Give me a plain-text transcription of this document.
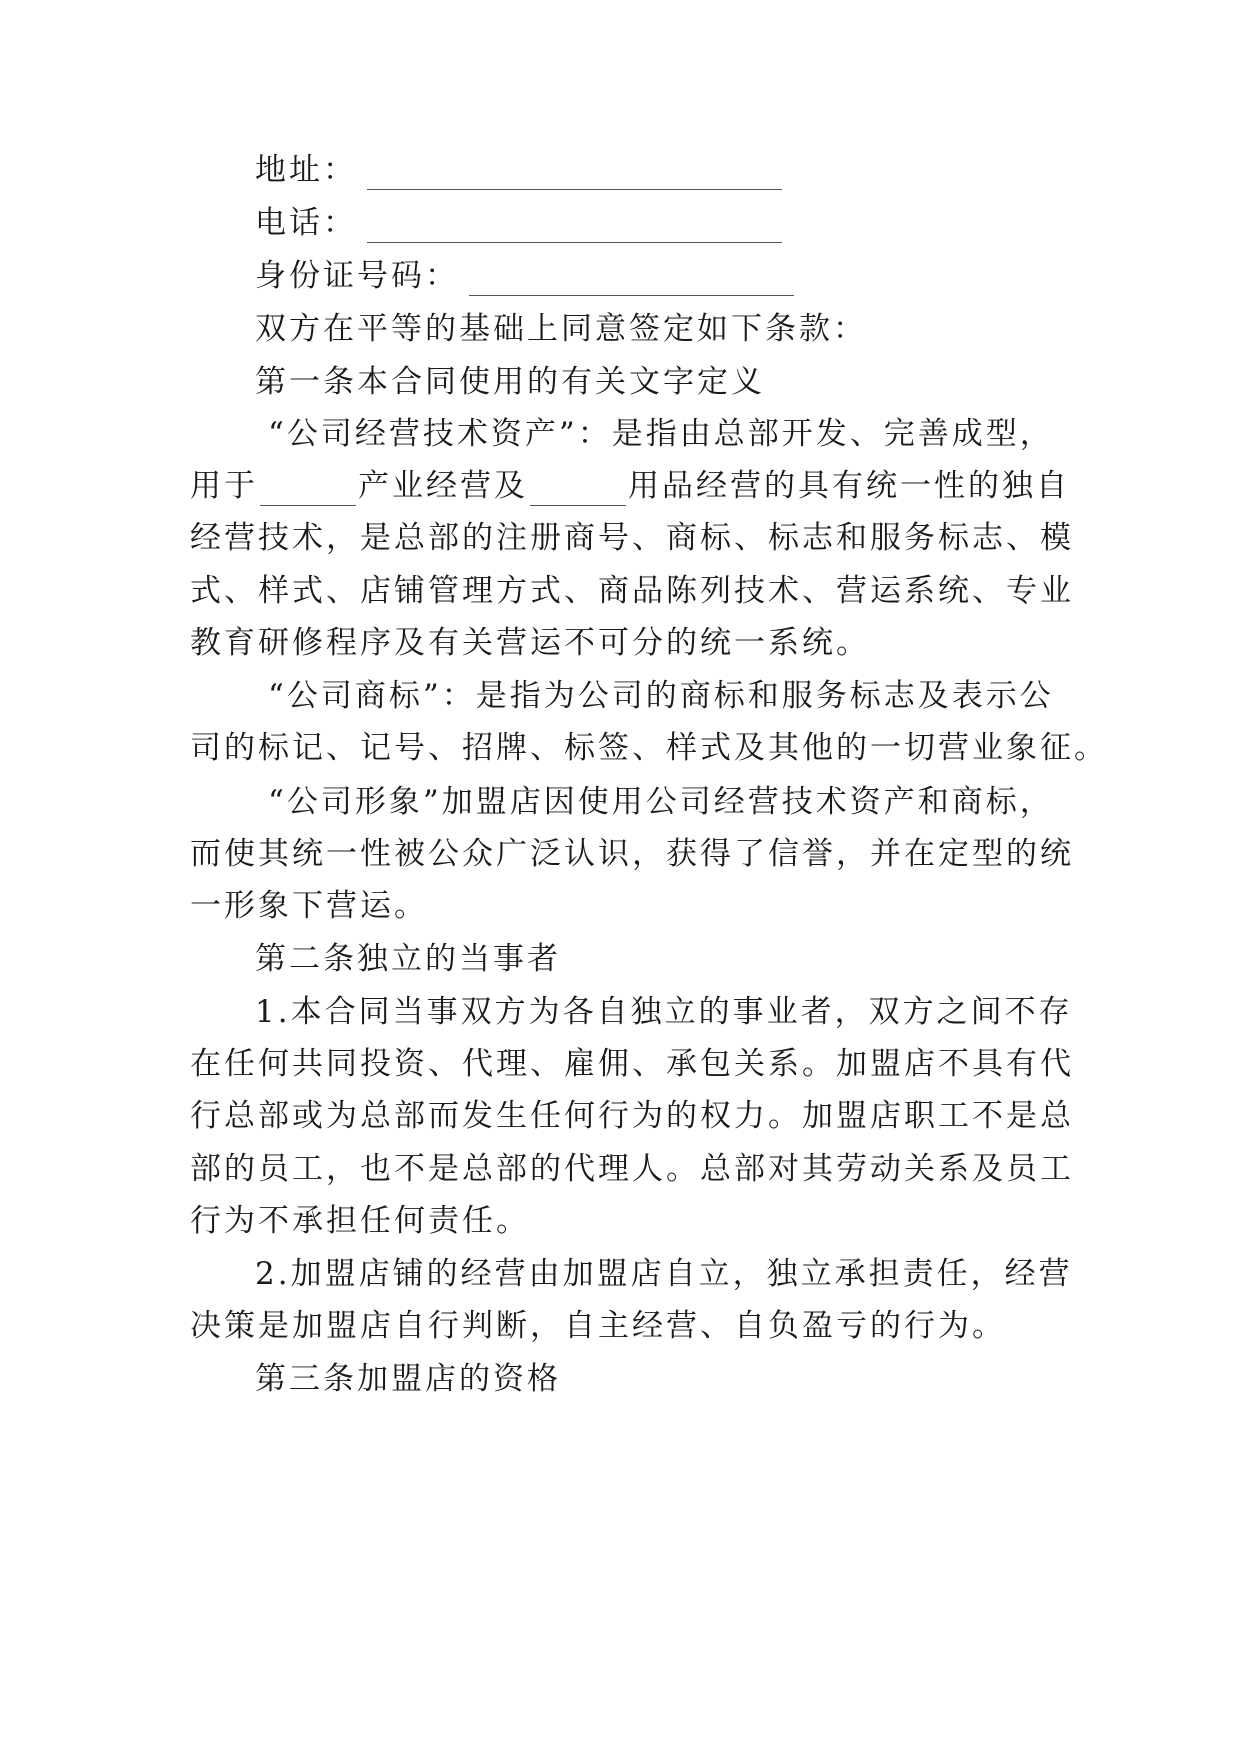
地址：
电话：
身份证号码：
双方在平等的基础上同意签定如下条款：
第一条本合同使用的有关文字定义
“公司经营技术资产”：是指由总部开发、完善成型，
用于	产业经营及	用品经营的具有统一性的独自
经营技术，是总部的注册商号、商标、标志和服务标志、模
式、样式、店铺管理方式、商品陈列技术、营运系统、专业
教育研修程序及有关营运不可分的统一系统。
“公司商标”：是指为公司的商标和服务标志及表示公
司的标记、记号、招牌、标签、样式及其他的一切营业象征。
“公司形象”加盟店因使用公司经营技术资产和商标，
而使其统一性被公众广泛认识，获得了信誉，并在定型的统
一形象下营运。
第二条独立的当事者
1.本合同当事双方为各自独立的事业者，双方之间不存
在任何共同投资、代理、雇佣、承包关系。加盟店不具有代
行总部或为总部而发生任何行为的权力。加盟店职工不是总
部的员工，也不是总部的代理人。总部对其劳动关系及员工
行为不承担任何责任。
2.加盟店铺的经营由加盟店自立，独立承担责任，经营
决策是加盟店自行判断，自主经营、自负盈亏的行为。
第三条加盟店的资格
